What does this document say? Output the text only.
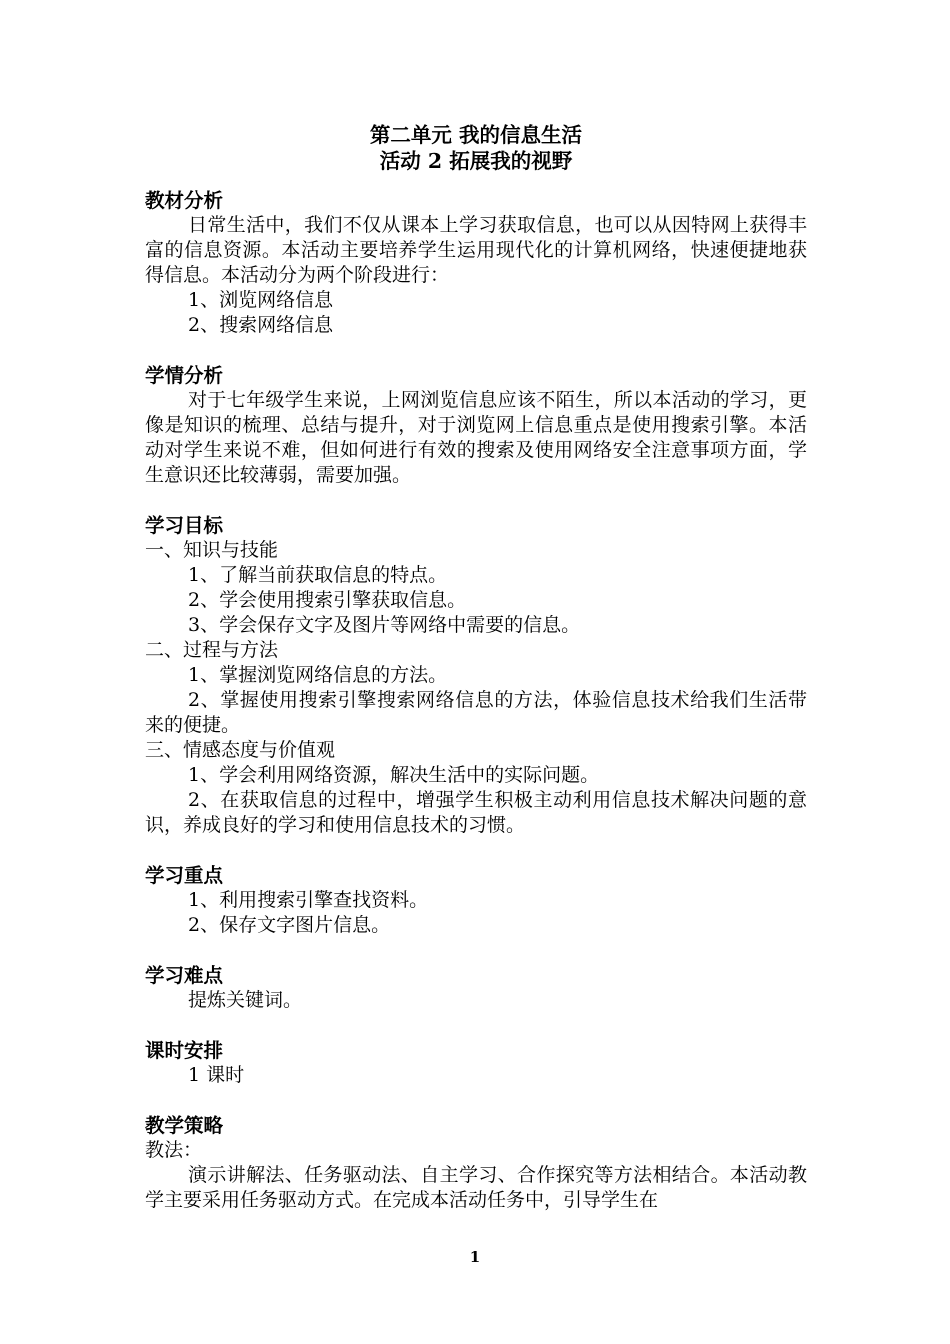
第二单元 我的信息生活

活动 2 拓展我的视野

教材分析

日常生活中，我们不仅从课本上学习获取信息，也可以从因特网上获得丰富的信息资源。本活动主要培养学生运用现代化的计算机网络，快速便捷地获得信息。本活动分为两个阶段进行：

1、浏览网络信息

2、搜索网络信息

学情分析

对于七年级学生来说，上网浏览信息应该不陌生，所以本活动的学习，更像是知识的梳理、总结与提升，对于浏览网上信息重点是使用搜索引擎。本活动对学生来说不难，但如何进行有效的搜索及使用网络安全注意事项方面，学生意识还比较薄弱，需要加强。

学习目标

一、知识与技能

1、了解当前获取信息的特点。

2、学会使用搜索引擎获取信息。

3、学会保存文字及图片等网络中需要的信息。

二、过程与方法

1、掌握浏览网络信息的方法。

2、掌握使用搜索引擎搜索网络信息的方法，体验信息技术给我们生活带来的便捷。

三、情感态度与价值观

1、学会利用网络资源，解决生活中的实际问题。

2、在获取信息的过程中，增强学生积极主动利用信息技术解决问题的意识，养成良好的学习和使用信息技术的习惯。

学习重点

1、利用搜索引擎查找资料。

2、保存文字图片信息。

学习难点

提炼关键词。

课时安排

1 课时

教学策略

教法：

演示讲解法、任务驱动法、自主学习、合作探究等方法相结合。本活动教学主要采用任务驱动方式。在完成本活动任务中，引导学生在

1
